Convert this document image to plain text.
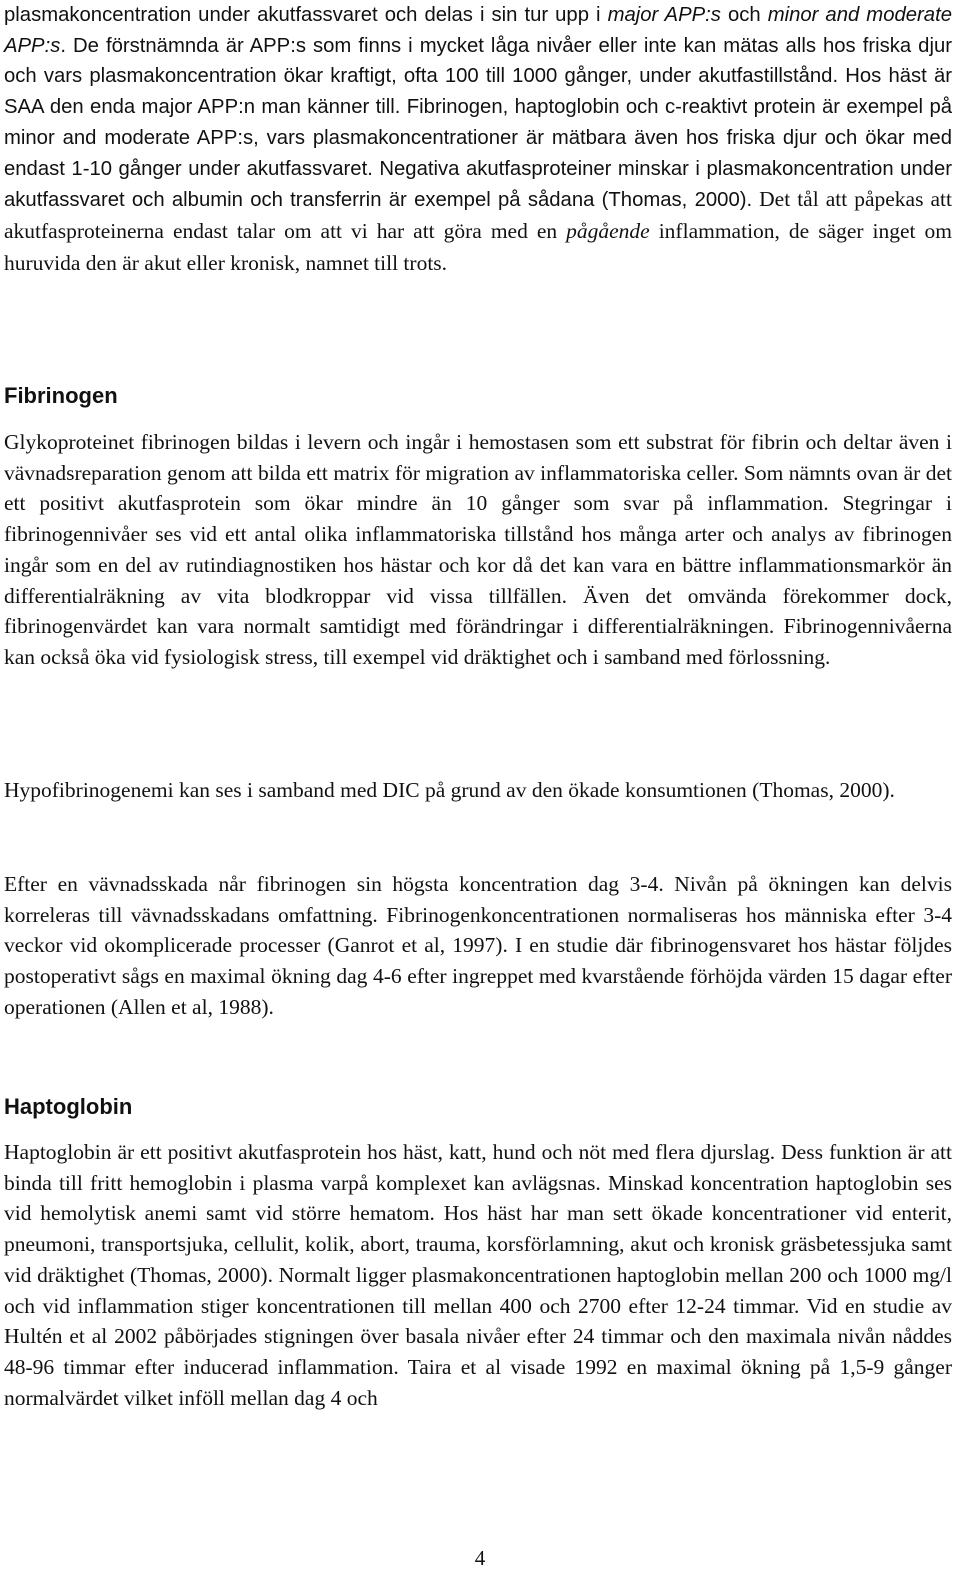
plasmakoncentration under akutfassvaret och delas i sin tur upp i major APP:s och minor and moderate APP:s. De förstnämnda är APP:s som finns i mycket låga nivåer eller inte kan mätas alls hos friska djur och vars plasmakoncentration ökar kraftigt, ofta 100 till 1000 gånger, under akutfastillstånd. Hos häst är SAA den enda major APP:n man känner till. Fibrinogen, haptoglobin och c-reaktivt protein är exempel på minor and moderate APP:s, vars plasmakoncentrationer är mätbara även hos friska djur och ökar med endast 1-10 gånger under akutfassvaret. Negativa akutfasproteiner minskar i plasmakoncentration under akutfassvaret och albumin och transferrin är exempel på sådana (Thomas, 2000). Det tål att påpekas att akutfasproteinerna endast talar om att vi har att göra med en pågående inflammation, de säger inget om huruvida den är akut eller kronisk, namnet till trots.

Fibrinogen

Glykoproteinet fibrinogen bildas i levern och ingår i hemostasen som ett substrat för fibrin och deltar även i vävnadsreparation genom att bilda ett matrix för migration av inflammatoriska celler. Som nämnts ovan är det ett positivt akutfasprotein som ökar mindre än 10 gånger som svar på inflammation. Stegringar i fibrinogennivåer ses vid ett antal olika inflammatoriska tillstånd hos många arter och analys av fibrinogen ingår som en del av rutindiagnostiken hos hästar och kor då det kan vara en bättre inflammationsmarkör än differentialräkning av vita blodkroppar vid vissa tillfällen. Även det omvända förekommer dock, fibrinogenvärdet kan vara normalt samtidigt med förändringar i differentialräkningen. Fibrinogennivåerna kan också öka vid fysiologisk stress, till exempel vid dräktighet och i samband med förlossning.

Hypofibrinogenemi kan ses i samband med DIC på grund av den ökade konsumtionen (Thomas, 2000).

Efter en vävnadsskada når fibrinogen sin högsta koncentration dag 3-4. Nivån på ökningen kan delvis korreleras till vävnadsskadans omfattning. Fibrinogenkoncentrationen normaliseras hos människa efter 3-4 veckor vid okomplicerade processer (Ganrot et al, 1997). I en studie där fibrinogensvaret hos hästar följdes postoperativt sågs en maximal ökning dag 4-6 efter ingreppet med kvarstående förhöjda värden 15 dagar efter operationen (Allen et al, 1988).

Haptoglobin

Haptoglobin är ett positivt akutfasprotein hos häst, katt, hund och nöt med flera djurslag. Dess funktion är att binda till fritt hemoglobin i plasma varpå komplexet kan avlägsnas. Minskad koncentration haptoglobin ses vid hemolytisk anemi samt vid större hematom. Hos häst har man sett ökade koncentrationer vid enterit, pneumoni, transportsjuka, cellulit, kolik, abort, trauma, korsförlamning, akut och kronisk gräsbetessjuka samt vid dräktighet (Thomas, 2000). Normalt ligger plasmakoncentrationen haptoglobin mellan 200 och 1000 mg/l och vid inflammation stiger koncentrationen till mellan 400 och 2700 efter 12-24 timmar. Vid en studie av Hultén et al 2002 påbörjades stigningen över basala nivåer efter 24 timmar och den maximala nivån nåddes 48-96 timmar efter inducerad inflammation. Taira et al visade 1992 en maximal ökning på 1,5-9 gånger normalvärdet vilket inföll mellan dag 4 och

4
